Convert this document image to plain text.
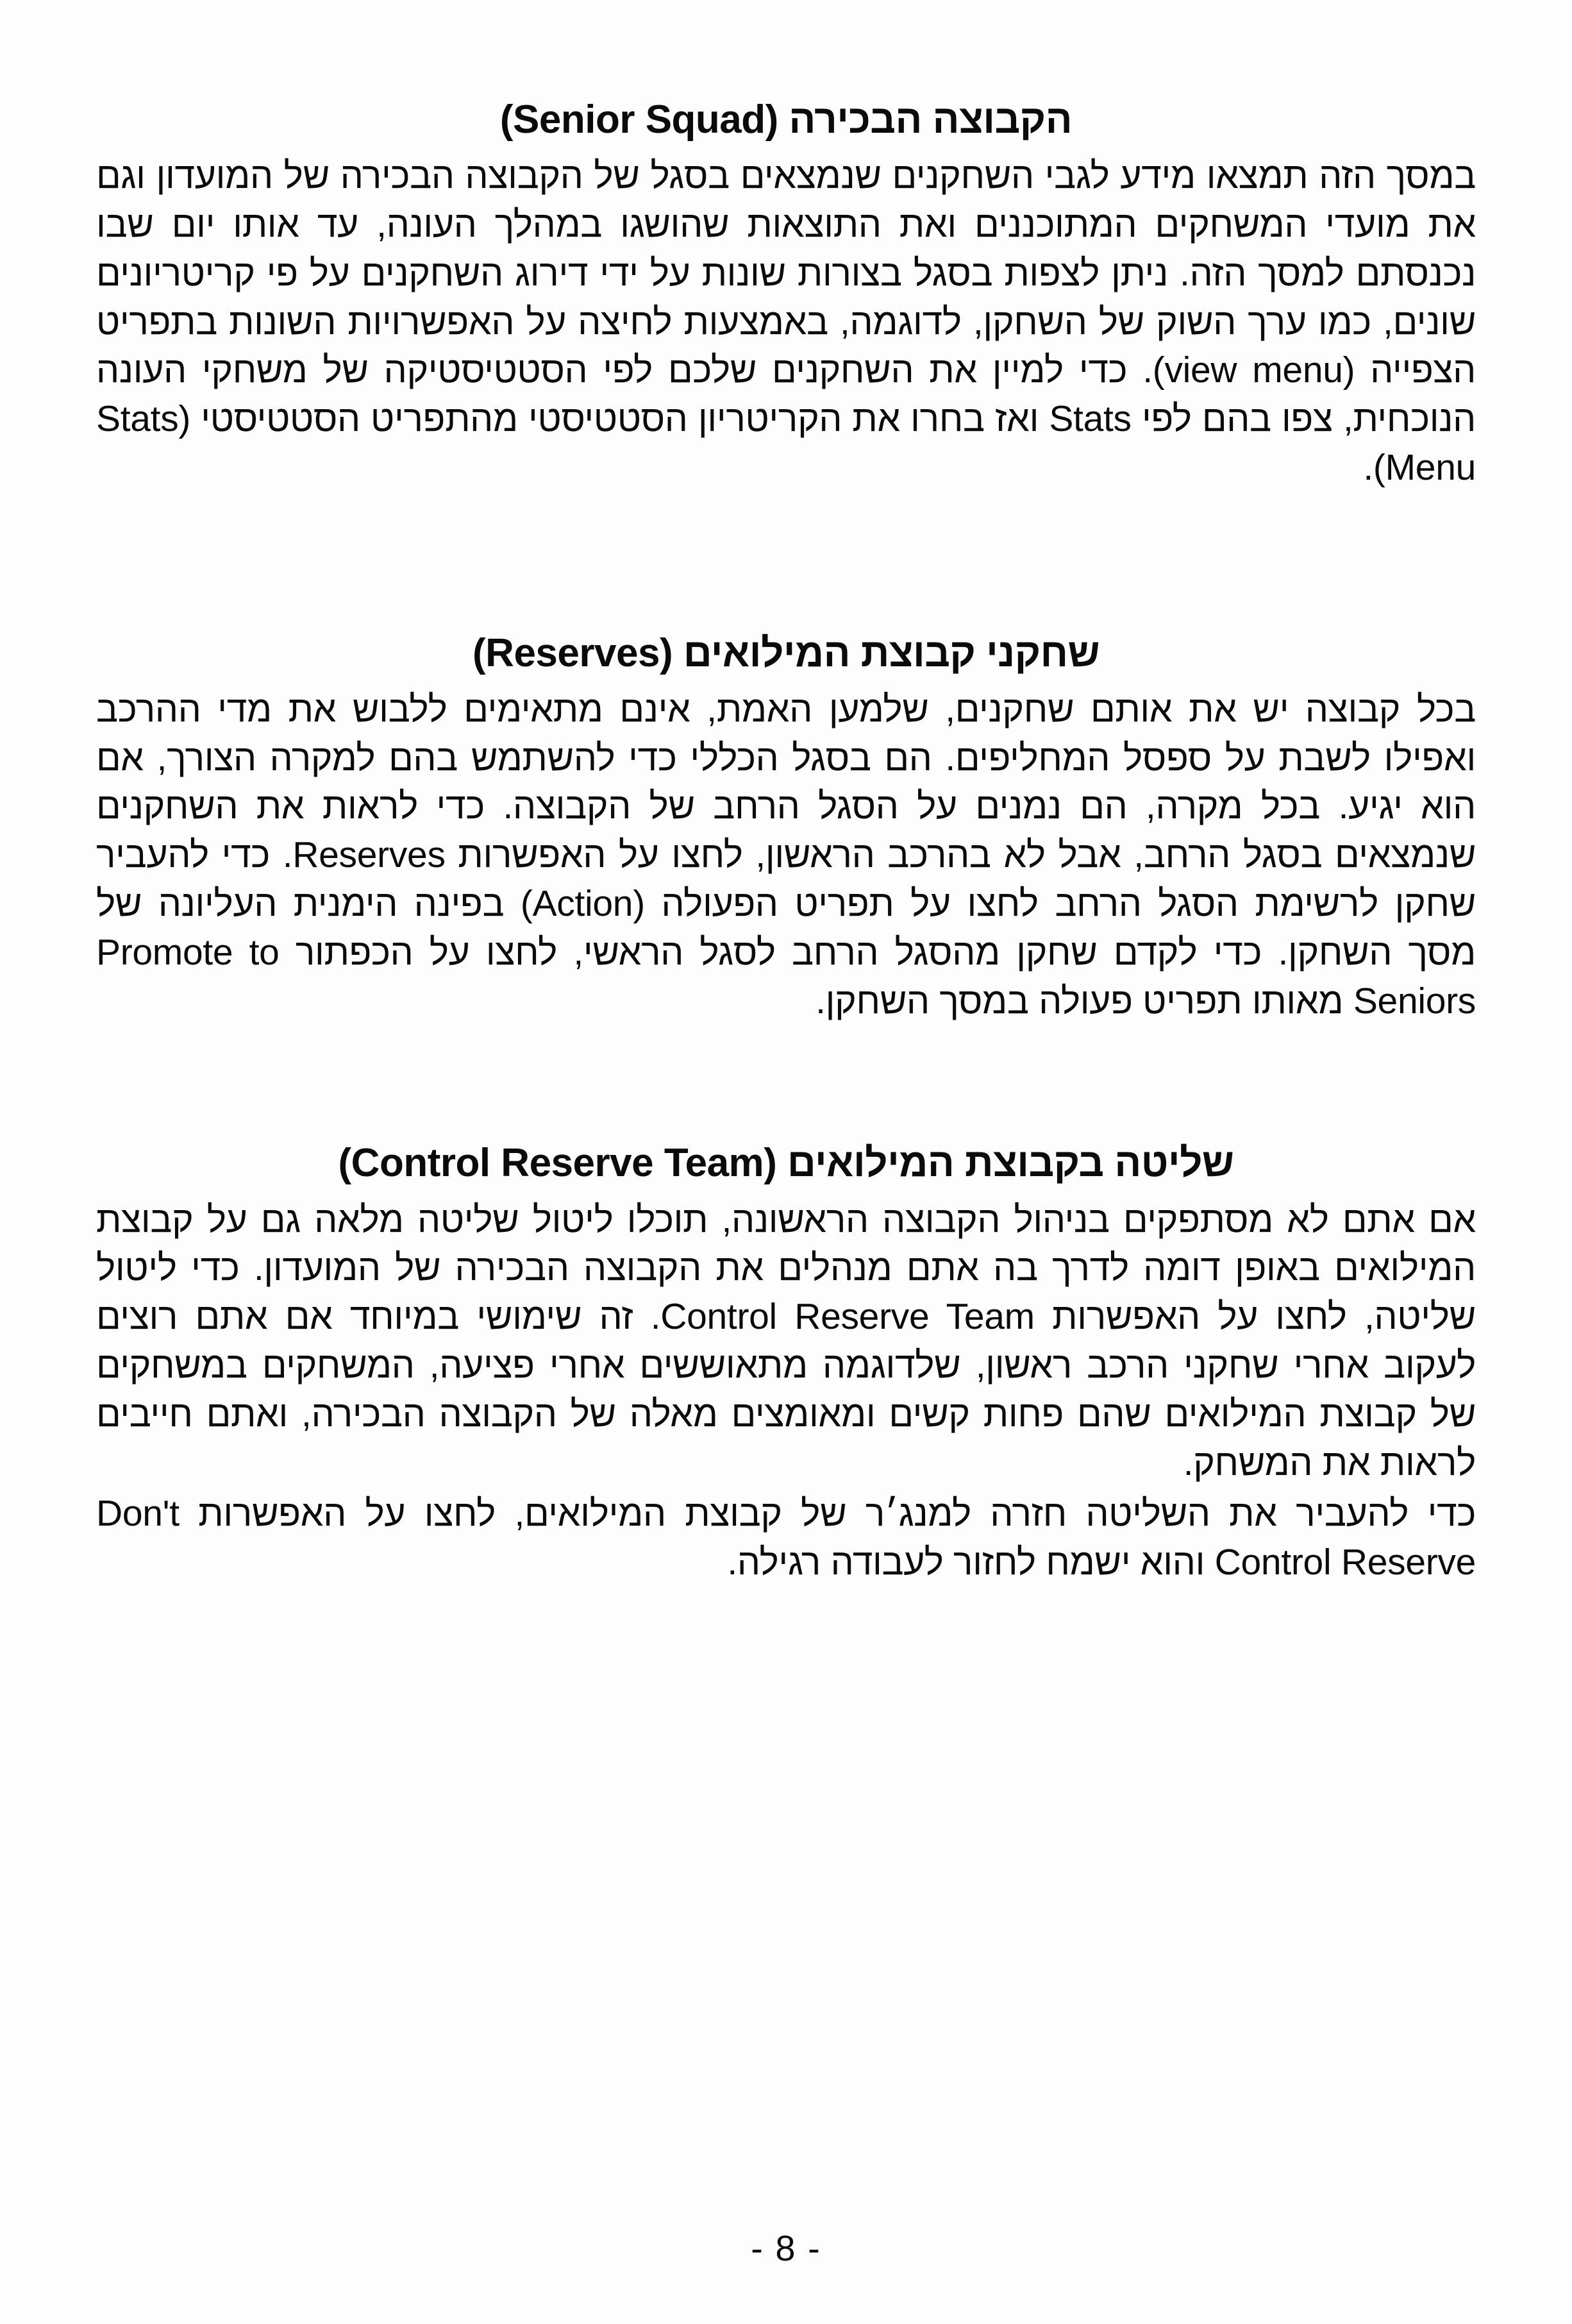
הקבוצה הבכירה (Senior Squad)

במסך הזה תמצאו מידע לגבי השחקנים שנמצאים בסגל של הקבוצה הבכירה של המועדון וגם את מועדי המשחקים המתוכננים ואת התוצאות שהושגו במהלך העונה, עד אותו יום שבו נכנסתם למסך הזה. ניתן לצפות בסגל בצורות שונות על ידי דירוג השחקנים על פי קריטריונים שונים, כמו ערך השוק של השחקן, לדוגמה, באמצעות לחיצה על האפשרויות השונות בתפריט הצפייה (view menu). כדי למיין את השחקנים שלכם לפי הסטטיסטיקה של משחקי העונה הנוכחית, צפו בהם לפי Stats ואז בחרו את הקריטריון הסטטיסטי מהתפריט הסטטיסטי (Stats Menu).

שחקני קבוצת המילואים (Reserves)

בכל קבוצה יש את אותם שחקנים, שלמען האמת, אינם מתאימים ללבוש את מדי ההרכב ואפילו לשבת על ספסל המחליפים. הם בסגל הכללי כדי להשתמש בהם למקרה הצורך, אם הוא יגיע. בכל מקרה, הם נמנים על הסגל הרחב של הקבוצה. כדי לראות את השחקנים שנמצאים בסגל הרחב, אבל לא בהרכב הראשון, לחצו על האפשרות Reserves. כדי להעביר שחקן לרשימת הסגל הרחב לחצו על תפריט הפעולה (Action) בפינה הימנית העליונה של מסך השחקן. כדי לקדם שחקן מהסגל הרחב לסגל הראשי, לחצו על הכפתור Promote to Seniors מאותו תפריט פעולה במסך השחקן.

שליטה בקבוצת המילואים (Control Reserve Team)

אם אתם לא מסתפקים בניהול הקבוצה הראשונה, תוכלו ליטול שליטה מלאה גם על קבוצת המילואים באופן דומה לדרך בה אתם מנהלים את הקבוצה הבכירה של המועדון. כדי ליטול שליטה, לחצו על האפשרות Control Reserve Team. זה שימושי במיוחד אם אתם רוצים לעקוב אחרי שחקני הרכב ראשון, שלדוגמה מתאוששים אחרי פציעה, המשחקים במשחקים של קבוצת המילואים שהם פחות קשים ומאומצים מאלה של הקבוצה הבכירה, ואתם חייבים לראות את המשחק.

כדי להעביר את השליטה חזרה למנג׳ר של קבוצת המילואים, לחצו על האפשרות Don't Control Reserve והוא ישמח לחזור לעבודה רגילה.

- 8 -
